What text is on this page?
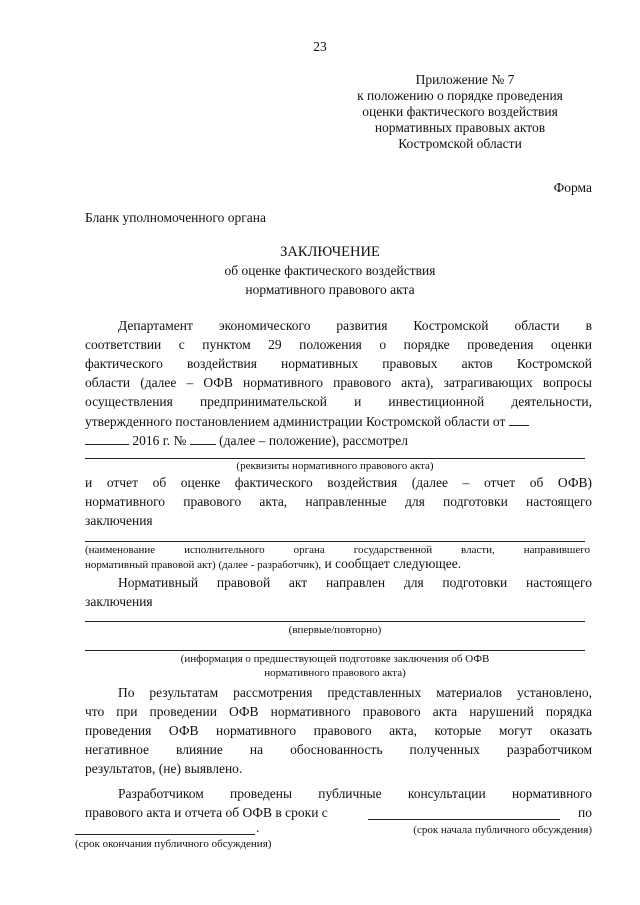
23
Приложение № 7
к положению о порядке проведения
оценки фактического воздействия
нормативных правовых актов
Костромской области
Форма
Бланк уполномоченного органа
ЗАКЛЮЧЕНИЕ
об оценке фактического воздействия
нормативного правового акта
Департамент экономического развития Костромской области в
соответствии с пунктом 29 положения о порядке проведения оценки
фактического воздействия нормативных правовых актов Костромской
области (далее – ОФВ нормативного правового акта), затрагивающих вопросы
осуществления предпринимательской и инвестиционной деятельности,
утвержденного постановлением администрации Костромской области от
2016 г. № (далее – положение), рассмотрел
(реквизиты нормативного правового акта)
и отчет об оценке фактического воздействия (далее – отчет об ОФВ)
нормативного правового акта, направленные для подготовки настоящего
заключения
(наименование исполнительного органа государственной власти, направившего
нормативный правовой акт) (далее - разработчик), и сообщает следующее.
Нормативный правовой акт направлен для подготовки настоящего
заключения
(впервые/повторно)
(информация о предшествующей подготовке заключения об ОФВ
нормативного правового акта)
По результатам рассмотрения представленных материалов установлено,
что при проведении ОФВ нормативного правового акта нарушений порядка
проведения ОФВ нормативного правового акта, которые могут оказать
негативное влияние на обоснованность полученных разработчиком
результатов, (не) выявлено.
Разработчиком проведены публичные консультации нормативного
правового акта и отчета об ОФВ в сроки с	по
.	(срок начала публичного обсуждения)
(срок окончания публичного обсуждения)
